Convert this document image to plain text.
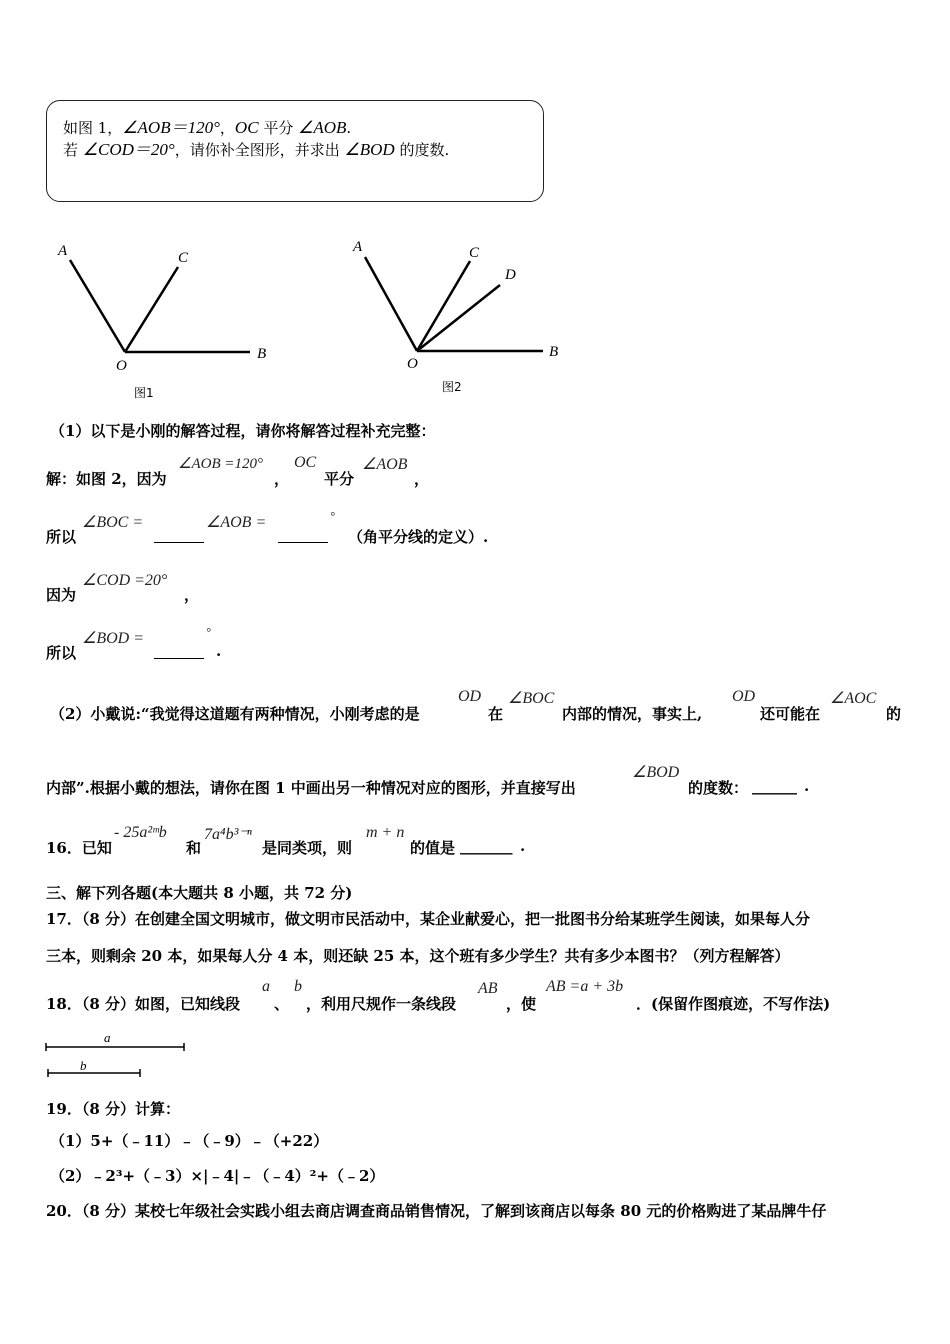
如图 1，∠AOB＝120°，OC 平分 ∠AOB.
若 ∠COD＝20°，请你补全图形，并求出 ∠BOD 的度数.
A	C
O
B
图1
A	C
D
O
B
图2
（1）以下是小刚的解答过程，请你将解答过程补充完整：
解：如图 2，因为
∠AOB =120°
，
OC
平分
∠AOB
，
所以
∠BOC =	∠AOB =	°
（角平分线的定义）.
因为
∠COD =20°
，
所以
∠BOD =	°
.
（2）小戴说:“我觉得这道题有两种情况，小刚考虑的是
OD
在
∠BOC
内部的情况，事实上,
OD
还可能在
∠AOC
的
内部”.根据小戴的想法，请你在图 1 中画出另一种情况对应的图形，并直接写出
∠BOD
的度数： ______ .
16．已知
- 25a²ᵐb
和
7a⁴b³⁻ⁿ
是同类项，则
m + n
的值是 _______ .
三、解下列各题(本大题共 8 小题，共 72 分)
17．（8 分）在创建全国文明城市，做文明市民活动中，某企业献爱心，把一批图书分给某班学生阅读，如果每人分
三本，则剩余 20 本，如果每人分 4 本，则还缺 25 本，这个班有多少学生？共有多少本图书？（列方程解答）
18．（8 分）如图，已知线段
a
、
b
，利用尺规作一条线段
AB
，使
AB =a + 3b
．(保留作图痕迹，不写作法)
a
b
19．（8 分）计算：
（1）5+（﹣11）﹣（﹣9）﹣（+22）
（2）﹣2³+（﹣3）×|﹣4|﹣（﹣4）²+（﹣2）
20．（8 分）某校七年级社会实践小组去商店调查商品销售情况，了解到该商店以每条 80 元的价格购进了某品牌牛仔
